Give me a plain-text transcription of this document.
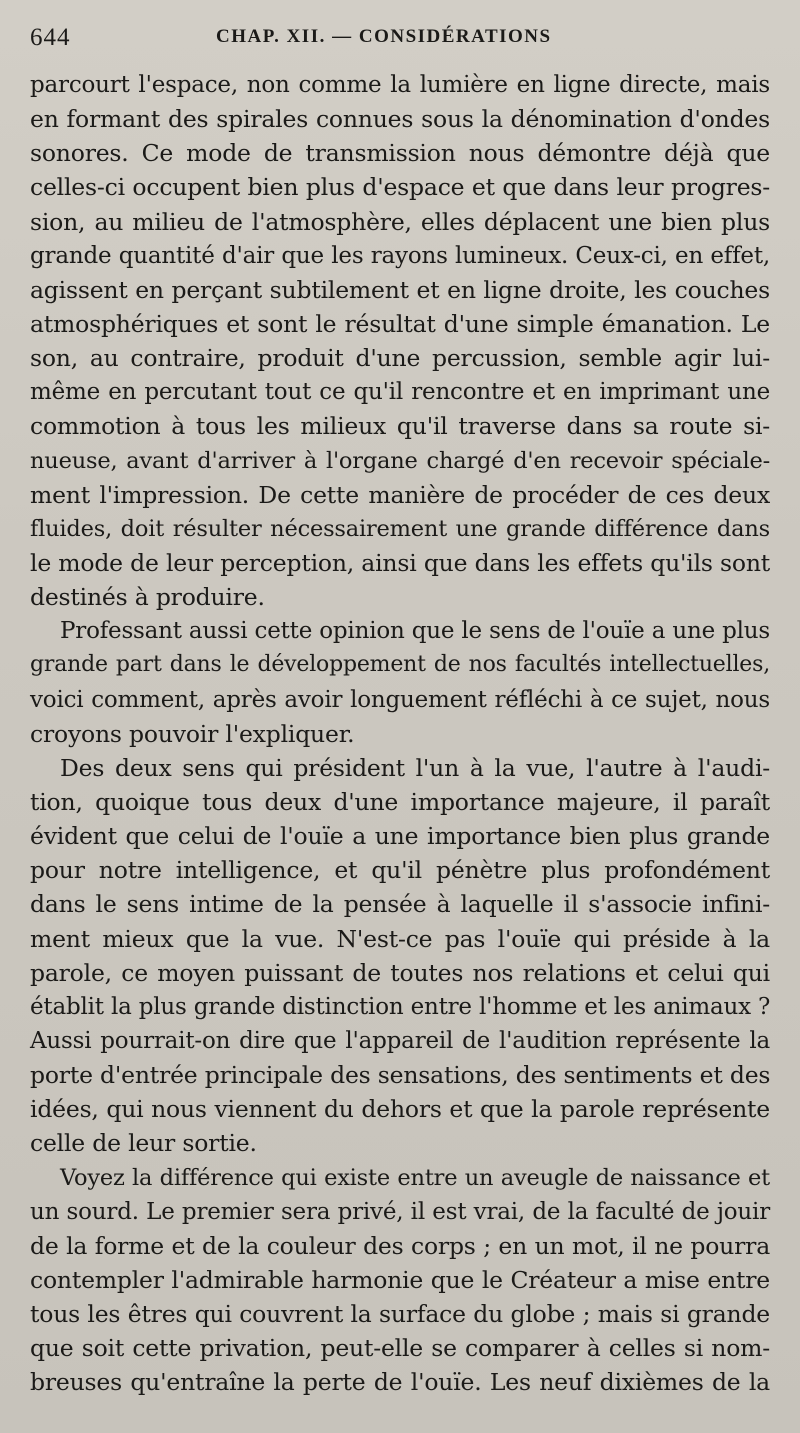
644	CHAP. XII. — CONSIDÉRATIONS
parcourt l'espace, non comme la lumière en ligne directe, mais
en formant des spirales connues sous la dénomination d'ondes
sonores. Ce mode de transmission nous démontre déjà que
celles-ci occupent bien plus d'espace et que dans leur progres-
sion, au milieu de l'atmosphère, elles déplacent une bien plus
grande quantité d'air que les rayons lumineux. Ceux-ci, en effet,
agissent en perçant subtilement et en ligne droite, les couches
atmosphériques et sont le résultat d'une simple émanation. Le
son, au contraire, produit d'une percussion, semble agir lui-
même en percutant tout ce qu'il rencontre et en imprimant une
commotion à tous les milieux qu'il traverse dans sa route si-
nueuse, avant d'arriver à l'organe chargé d'en recevoir spéciale-
ment l'impression. De cette manière de procéder de ces deux
fluides, doit résulter nécessairement une grande différence dans
le mode de leur perception, ainsi que dans les effets qu'ils sont
destinés à produire.
Professant aussi cette opinion que le sens de l'ouïe a une plus
grande part dans le développement de nos facultés intellectuelles,
voici comment, après avoir longuement réfléchi à ce sujet, nous
croyons pouvoir l'expliquer.
Des deux sens qui président l'un à la vue, l'autre à l'audi-
tion, quoique tous deux d'une importance majeure, il paraît
évident que celui de l'ouïe a une importance bien plus grande
pour notre intelligence, et qu'il pénètre plus profondément
dans le sens intime de la pensée à laquelle il s'associe infini-
ment mieux que la vue. N'est-ce pas l'ouïe qui préside à la
parole, ce moyen puissant de toutes nos relations et celui qui
établit la plus grande distinction entre l'homme et les animaux ?
Aussi pourrait-on dire que l'appareil de l'audition représente la
porte d'entrée principale des sensations, des sentiments et des
idées, qui nous viennent du dehors et que la parole représente
celle de leur sortie.
Voyez la différence qui existe entre un aveugle de naissance et
un sourd. Le premier sera privé, il est vrai, de la faculté de jouir
de la forme et de la couleur des corps ; en un mot, il ne pourra
contempler l'admirable harmonie que le Créateur a mise entre
tous les êtres qui couvrent la surface du globe ; mais si grande
que soit cette privation, peut-elle se comparer à celles si nom-
breuses qu'entraîne la perte de l'ouïe. Les neuf dixièmes de la
